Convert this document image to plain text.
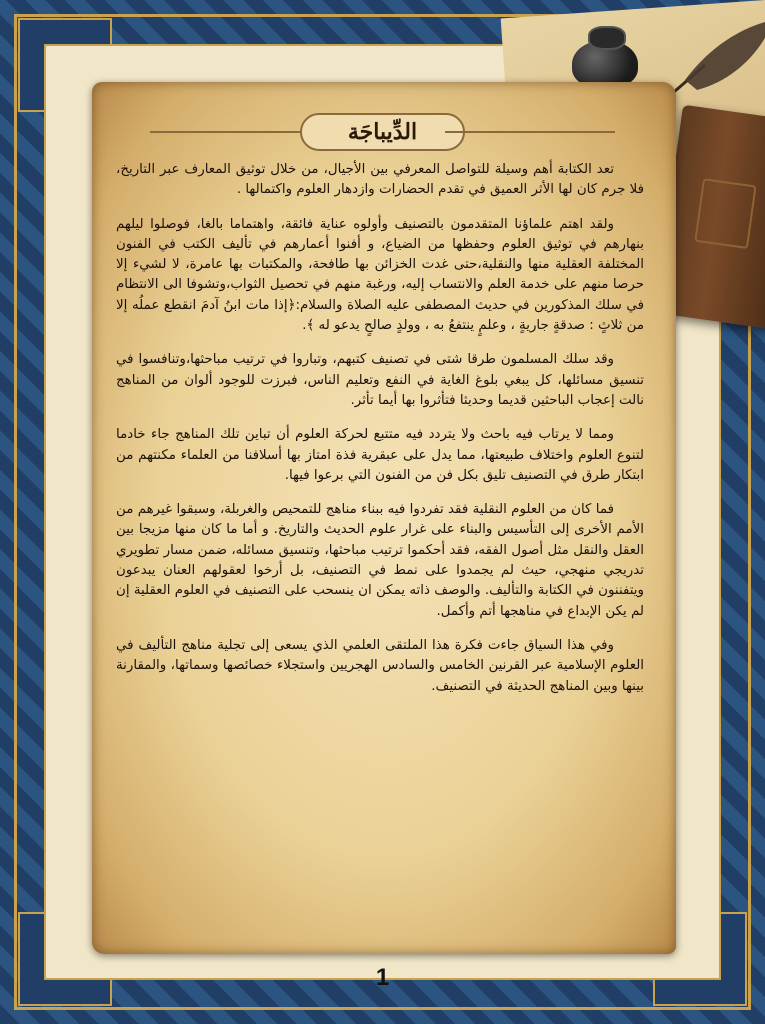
الدِّيباجَة

تعد الكتابة أهم وسيلة للتواصل المعرفي بين الأجيال، من خلال توثيق المعارف عبر التاريخ، فلا جرم كان لها الأثر العميق في تقدم الحضارات وازدهار العلوم واكتمالها .

ولقد اهتم علماؤنا المتقدمون بالتصنيف وأولوه عناية فائقة، واهتماما بالغا، فوصلوا ليلهم بنهارهم في توثيق العلوم وحفظها من الضياع، و أفنوا أعمارهم في تأليف الكتب في الفنون المختلفة العقلية منها والنقلية،حتى غدت الخزائن بها طافحة، والمكتبات بها عامرة، لا لشيء إلا حرصا منهم على خدمة العلم والانتساب إليه، ورغبة منهم في تحصيل الثواب،وتشوفا الى الانتظام في سلك المذكورين في حديث المصطفى عليه الصلاة والسلام:﴿إذا مات ابنُ آدمَ انقطع عملُه إلا من ثلاثٍ : صدقةٍ جاريةٍ ، وعلمٍ ينتفعُ به ، وولدٍ صالحٍ يدعو له ﴾.

وقد سلك المسلمون طرقا شتى في تصنيف كتبهم، وتباروا في ترتيب مباحثها،وتنافسوا في تنسيق مسائلها، كل يبغي بلوغ الغاية في النفع وتعليم الناس، فبرزت للوجود ألوان من المناهج نالت إعجاب الباحثين قديما وحديثا فتأثروا بها أيما تأثر.

ومما لا يرتاب فيه باحث ولا يتردد فيه متتبع لحركة العلوم أن تباين تلك المناهج جاء خادما لتنوع العلوم واختلاف طبيعتها، مما يدل على عبقرية فذة امتاز بها أسلافنا من العلماء مكنتهم من ابتكار طرق في التصنيف تليق بكل فن من الفنون التي برعوا فيها.

فما كان من العلوم النقلية فقد تفردوا فيه ببناء مناهج للتمحيص والغربلة، وسبقوا غيرهم من الأمم الأخرى إلى التأسيس والبناء على غرار علوم الحديث والتاريخ. و أما ما كان منها مزيجا بين العقل والنقل مثل أصول الفقه، فقد أحكموا ترتيب مباحثها، وتنسيق مسائله، ضمن مسار تطويري تدريجي منهجي، حيث لم يجمدوا على نمط في التصنيف، بل أرخوا لعقولهم العنان يبدعون ويتفننون في الكتابة والتأليف. والوصف ذاته يمكن ان ينسحب على التصنيف في العلوم العقلية إن لم يكن الإبداع في مناهجها أتم وأكمل.

وفي هذا السياق جاءت فكرة هذا الملتقى العلمي الذي يسعى إلى تجلية مناهج التأليف في العلوم الإسلامية عبر القرنين الخامس والسادس الهجريين واستجلاء خصائصها وسماتها، والمقارنة بينها وبين المناهج الحديثة في التصنيف.

1
